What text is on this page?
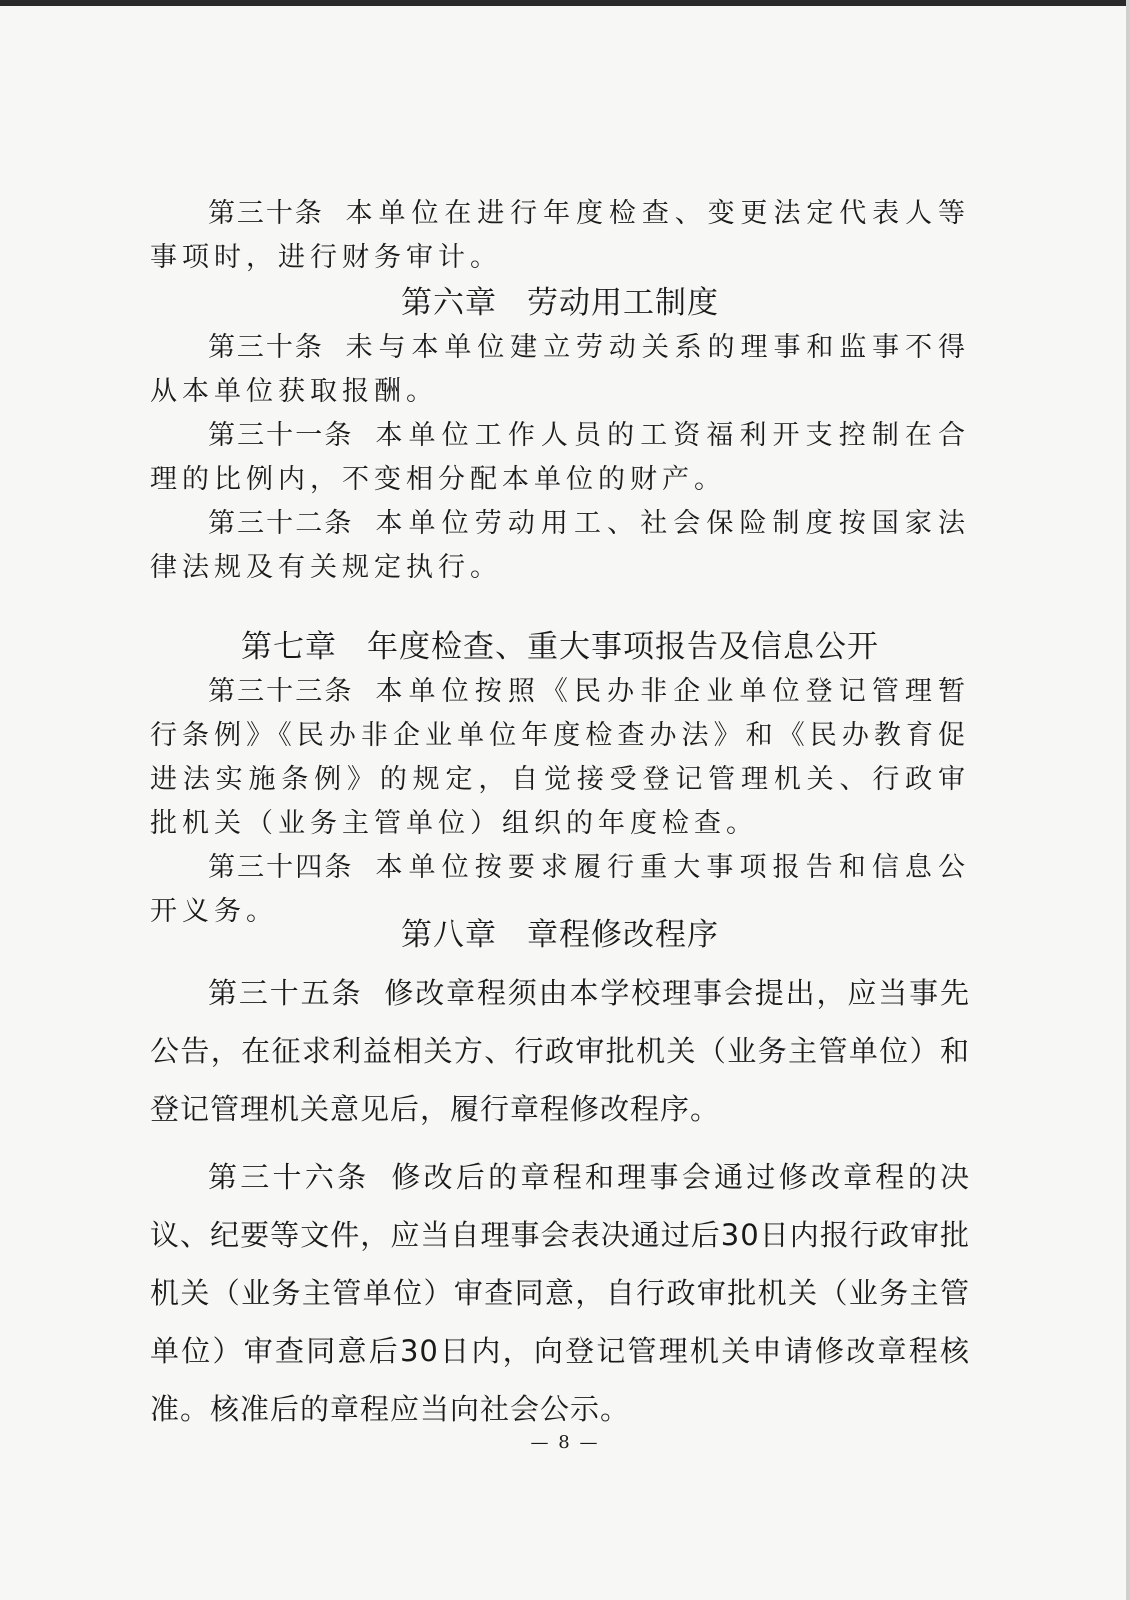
第三十条 本单位在进行年度检查、变更法定代表人等事项时，进行财务审计。

第六章 劳动用工制度

第三十条 未与本单位建立劳动关系的理事和监事不得从本单位获取报酬。

第三十一条 本单位工作人员的工资福利开支控制在合理的比例内，不变相分配本单位的财产。

第三十二条 本单位劳动用工、社会保险制度按国家法律法规及有关规定执行。

第七章 年度检查、重大事项报告及信息公开

第三十三条 本单位按照《民办非企业单位登记管理暂行条例》《民办非企业单位年度检查办法》和《民办教育促进法实施条例》的规定，自觉接受登记管理机关、行政审批机关（业务主管单位）组织的年度检查。

第三十四条 本单位按要求履行重大事项报告和信息公开义务。

第八章 章程修改程序

第三十五条 修改章程须由本学校理事会提出，应当事先公告，在征求利益相关方、行政审批机关（业务主管单位）和登记管理机关意见后，履行章程修改程序。

第三十六条 修改后的章程和理事会通过修改章程的决议、纪要等文件，应当自理事会表决通过后30日内报行政审批机关（业务主管单位）审查同意，自行政审批机关（业务主管单位）审查同意后30日内，向登记管理机关申请修改章程核准。核准后的章程应当向社会公示。

— 8 —
